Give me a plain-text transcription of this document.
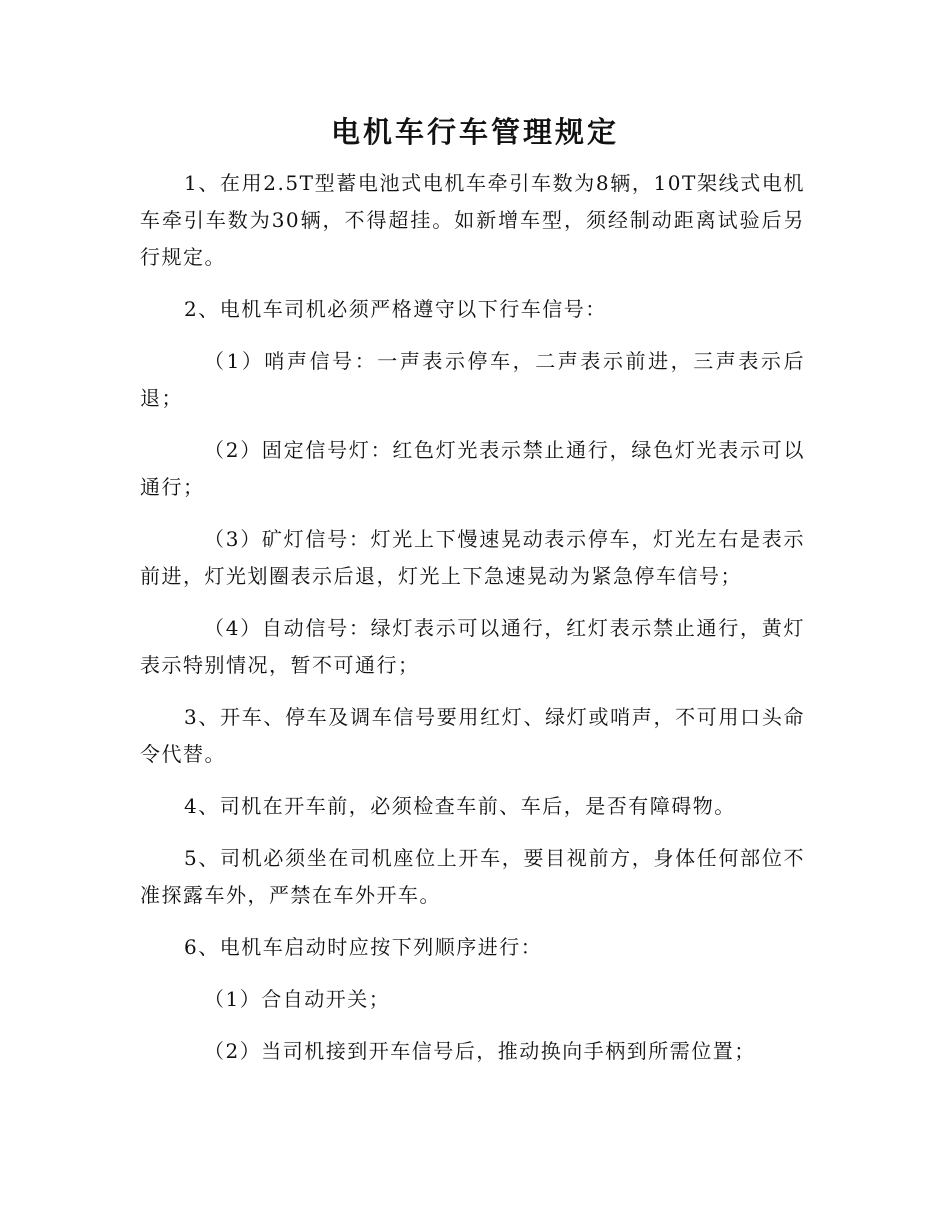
电机车行车管理规定

1、在用2.5T型蓄电池式电机车牵引车数为8辆，10T架线式电机车牵引车数为30辆，不得超挂。如新增车型，须经制动距离试验后另行规定。

2、电机车司机必须严格遵守以下行车信号：

（1）哨声信号：一声表示停车，二声表示前进，三声表示后退；

（2）固定信号灯：红色灯光表示禁止通行，绿色灯光表示可以通行；

（3）矿灯信号：灯光上下慢速晃动表示停车，灯光左右是表示前进，灯光划圈表示后退，灯光上下急速晃动为紧急停车信号；

（4）自动信号：绿灯表示可以通行，红灯表示禁止通行，黄灯表示特别情况，暂不可通行；

3、开车、停车及调车信号要用红灯、绿灯或哨声，不可用口头命令代替。

4、司机在开车前，必须检查车前、车后，是否有障碍物。

5、司机必须坐在司机座位上开车，要目视前方，身体任何部位不准探露车外，严禁在车外开车。

6、电机车启动时应按下列顺序进行：

（1）合自动开关；

（2）当司机接到开车信号后，推动换向手柄到所需位置；
